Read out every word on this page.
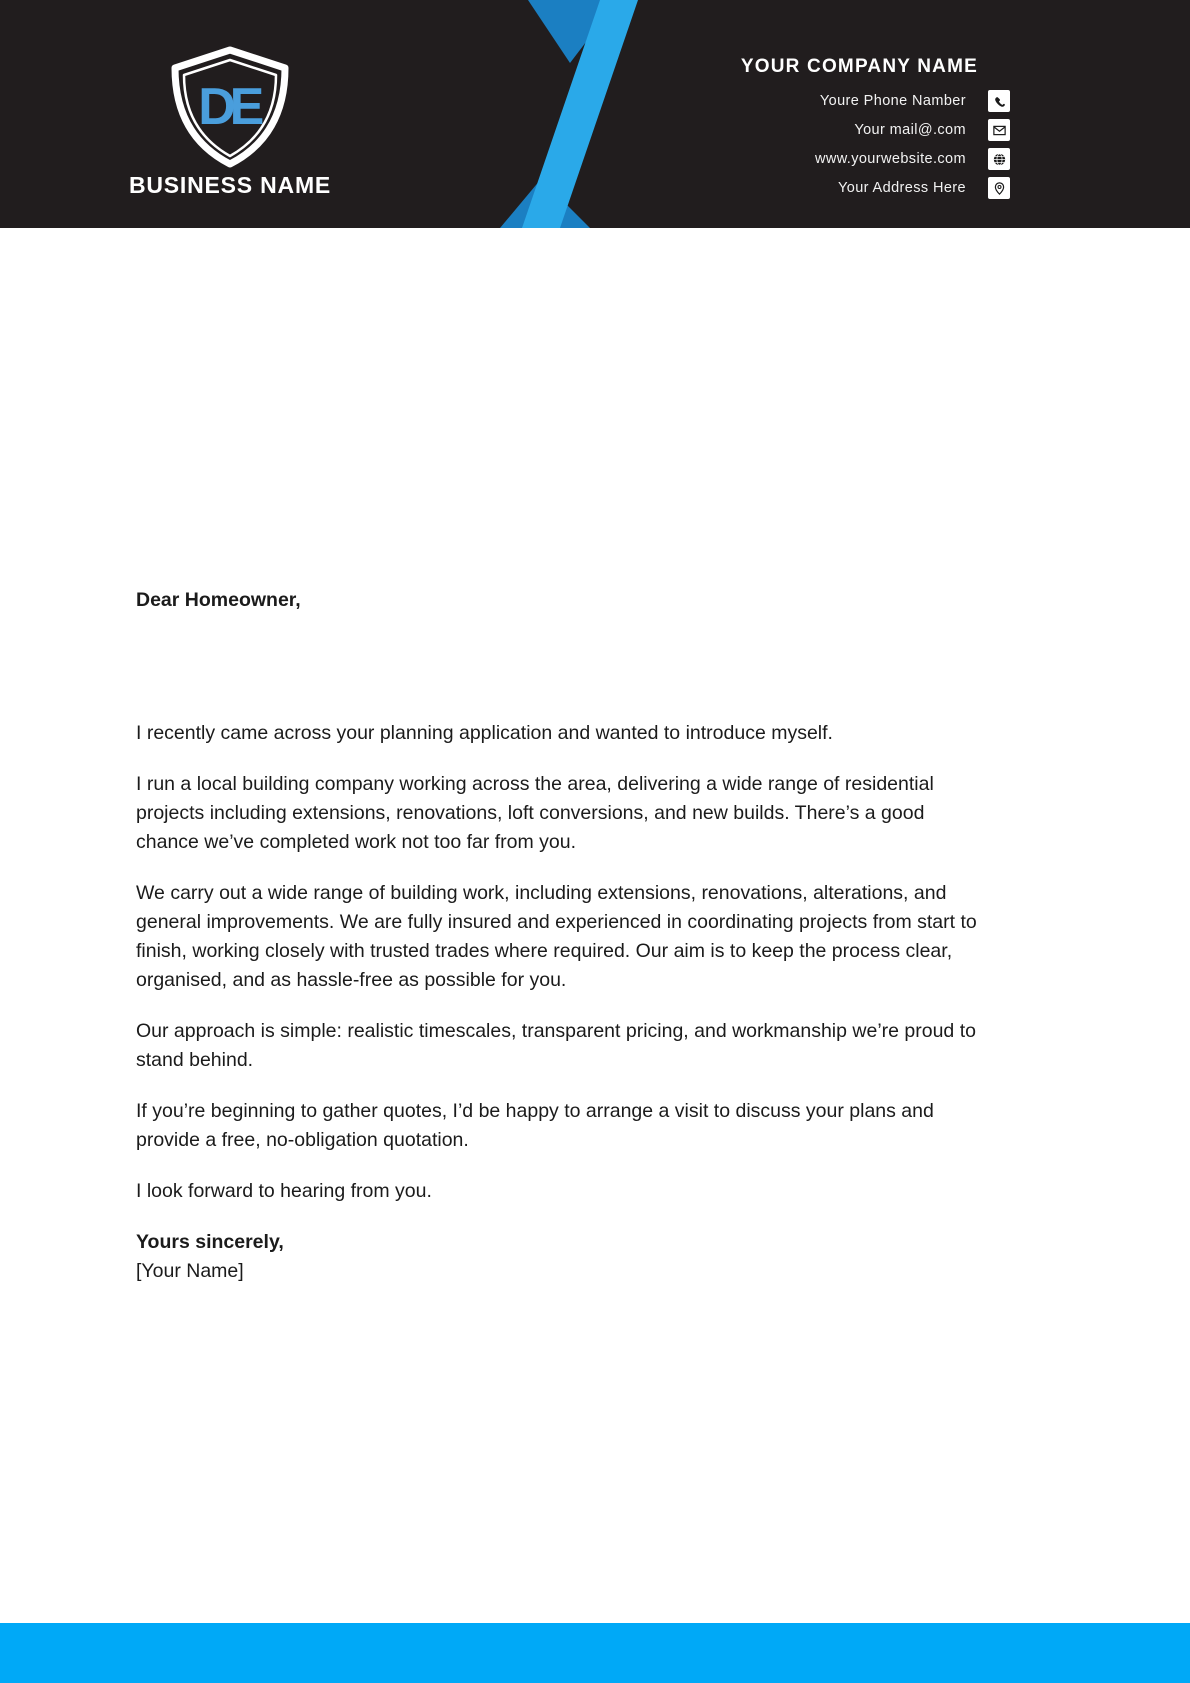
D
E
BUSINESS NAME
YOUR COMPANY NAME
Youre Phone Namber
Your mail@.com
www.yourwebsite.com
Your Address Here

Dear Homeowner,

I recently came across your planning application and wanted to introduce myself.

I run a local building company working across the area, delivering a wide range of residential projects including extensions, renovations, loft conversions, and new builds. There’s a good chance we’ve completed work not too far from you.

We carry out a wide range of building work, including extensions, renovations, alterations, and general improvements. We are fully insured and experienced in coordinating projects from start to finish, working closely with trusted trades where required. Our aim is to keep the process clear, organised, and as hassle-free as possible for you.

Our approach is simple: realistic timescales, transparent pricing, and workmanship we’re proud to stand behind.

If you’re beginning to gather quotes, I’d be happy to arrange a visit to discuss your plans and provide a free, no-obligation quotation.

I look forward to hearing from you.

Yours sincerely,

[Your Name]
